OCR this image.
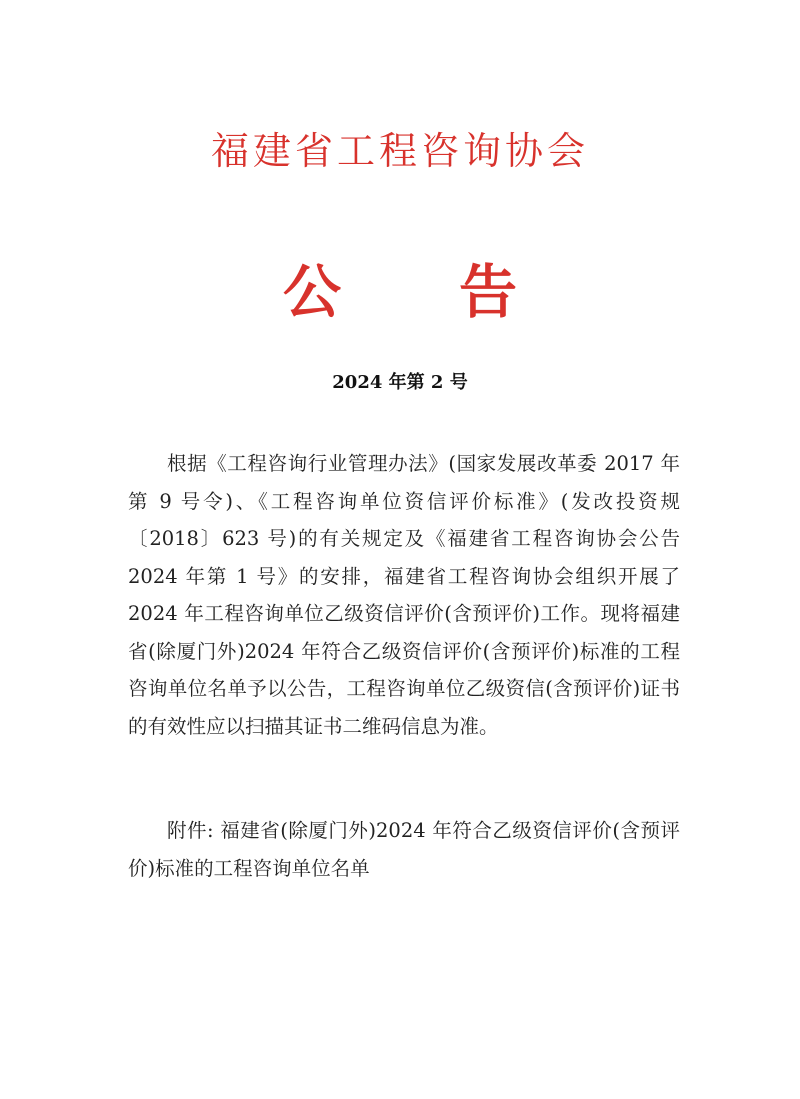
福建省工程咨询协会
公告
2024 年第 2 号

根据《工程咨询行业管理办法》(国家发展改革委 2017 年第 9 号令)、《工程咨询单位资信评价标准》(发改投资规〔2018〕623 号)的有关规定及《福建省工程咨询协会公告 2024 年第 1 号》的安排，福建省工程咨询协会组织开展了 2024 年工程咨询单位乙级资信评价(含预评价)工作。现将福建省(除厦门外)2024 年符合乙级资信评价(含预评价)标准的工程咨询单位名单予以公告，工程咨询单位乙级资信(含预评价)证书的有效性应以扫描其证书二维码信息为准。

附件: 福建省(除厦门外)2024 年符合乙级资信评价(含预评价)标准的工程咨询单位名单
